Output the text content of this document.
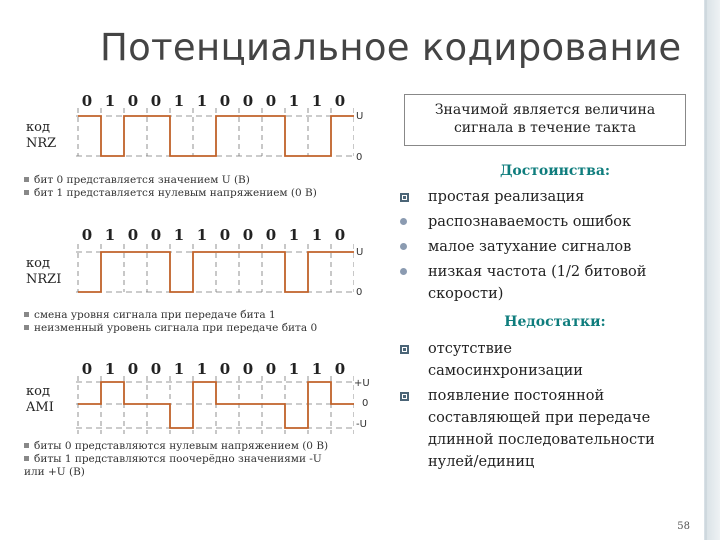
Потенциальное кодирование
0 1 0 0 1 1 0 0 0 1 1 0
код
NRZ
U
0
бит 0 представляется значением U (В)
бит 1 представляется нулевым напряжением (0 В)
0 1 0 0 1 1 0 0 0 1 1 0
код
NRZI
U
0
смена уровня сигнала при передаче бита 1
неизменный уровень сигнала при передаче бита 0
0 1 0 0 1 1 0 0 0 1 1 0
код
AMI
+U
0
-U
биты 0 представляются нулевым напряжением (0 В)
биты 1 представляются поочерёдно значениями -U
или +U (В)
Значимой является величина
сигнала в течение такта
Достоинства:
простая реализация
распознаваемость ошибок
малое затухание сигналов
низкая частота (1/2 битовой
скорости)
Недостатки:
отсутствие
самосинхронизации
появление постоянной
составляющей при передаче
длинной последовательности
нулей/единиц
58
